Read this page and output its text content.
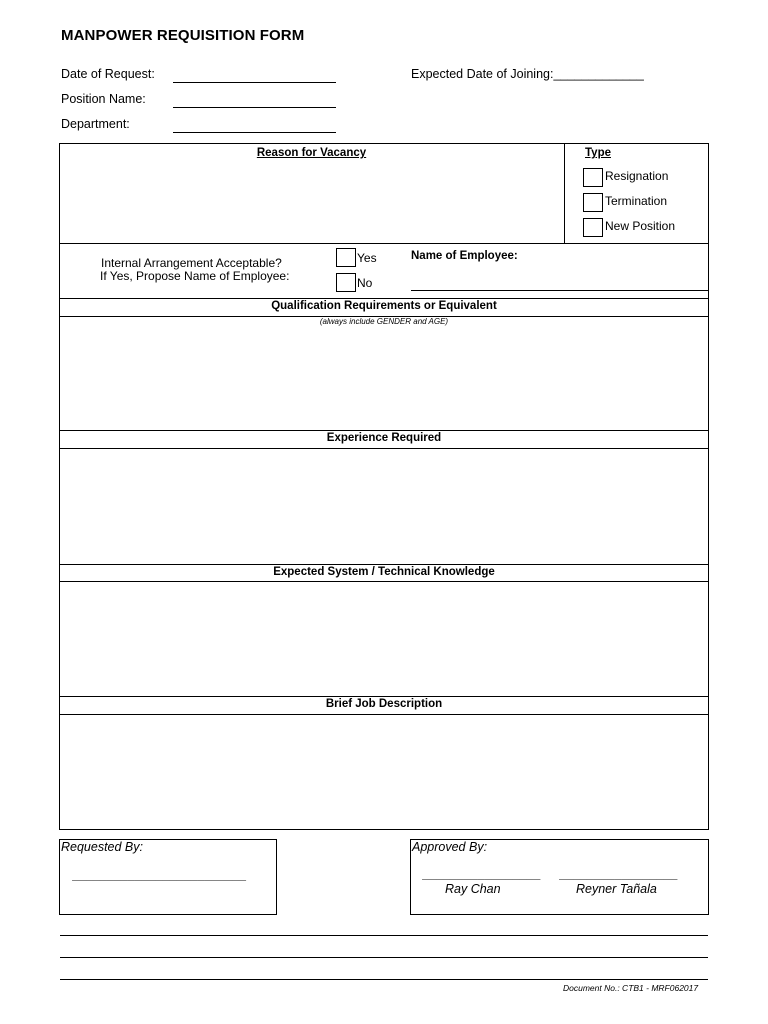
MANPOWER REQUISITION FORM
Date of Request:
Position Name:
Department:
Expected Date of Joining:_____________
Reason for Vacancy	Type
Resignation
Termination
New Position
Internal Arrangement Acceptable?
If Yes, Propose Name of Employee:
Yes
No
Name of Employee:
Qualification Requirements or Equivalent
(always include GENDER and AGE)
Experience Required
Expected System / Technical Knowledge
Brief Job Description
Requested By:
_________________________
Approved By:
_________________ _________________
Ray Chan	Reyner Tañala
Document No.: CTB1 - MRF062017
